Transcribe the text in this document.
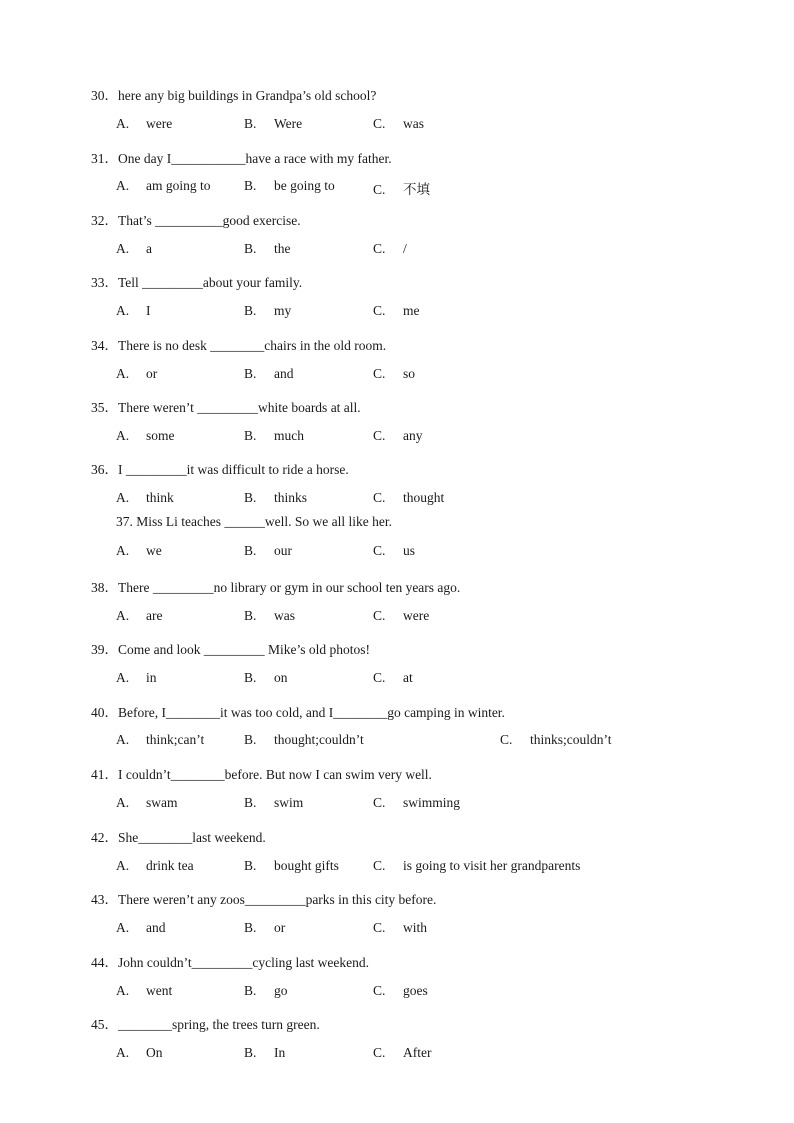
30．here any big buildings in Grandpa’s old school?
A. were	B. Were	C. was
31．One day I___________have a race with my father.
A. am going to B. be going to	C. 不填
32．That’s __________good exercise.
A. a	B. the	C. /
33．Tell _________about your family.
A. I	B. my	C. me
34．There is no desk ________chairs in the old room.
A. or	B. and	C. so
35．There weren’t _________white boards at all.
A. some	B. much	C. any
36．I _________it was difficult to ride a horse.
A. think	B. thinks	C. thought
37. Miss Li teaches ______well. So we all like her.
A. we	B. our	C. us
38．There _________no library or gym in our school ten years ago.
A. are	B. was	C. were
39．Come and look _________ Mike’s old photos!
A. in	B. on	C. at
40．Before, I________it was too cold, and I________go camping in winter.
A. think;can’t	B. thought;couldn’t	C. thinks;couldn’t
41．I couldn’t________before. But now I can swim very well.
A. swam	B. swim	C. swimming
42．She________last weekend.
A. drink tea	B. bought gifts	C. is going to visit her grandparents
43．There weren’t any zoos_________parks in this city before.
A. and	B. or	C. with
44．John couldn’t_________cycling last weekend.
A. went	B. go	C. goes
45．________spring, the trees turn green.
A. On	B. In	C. After
